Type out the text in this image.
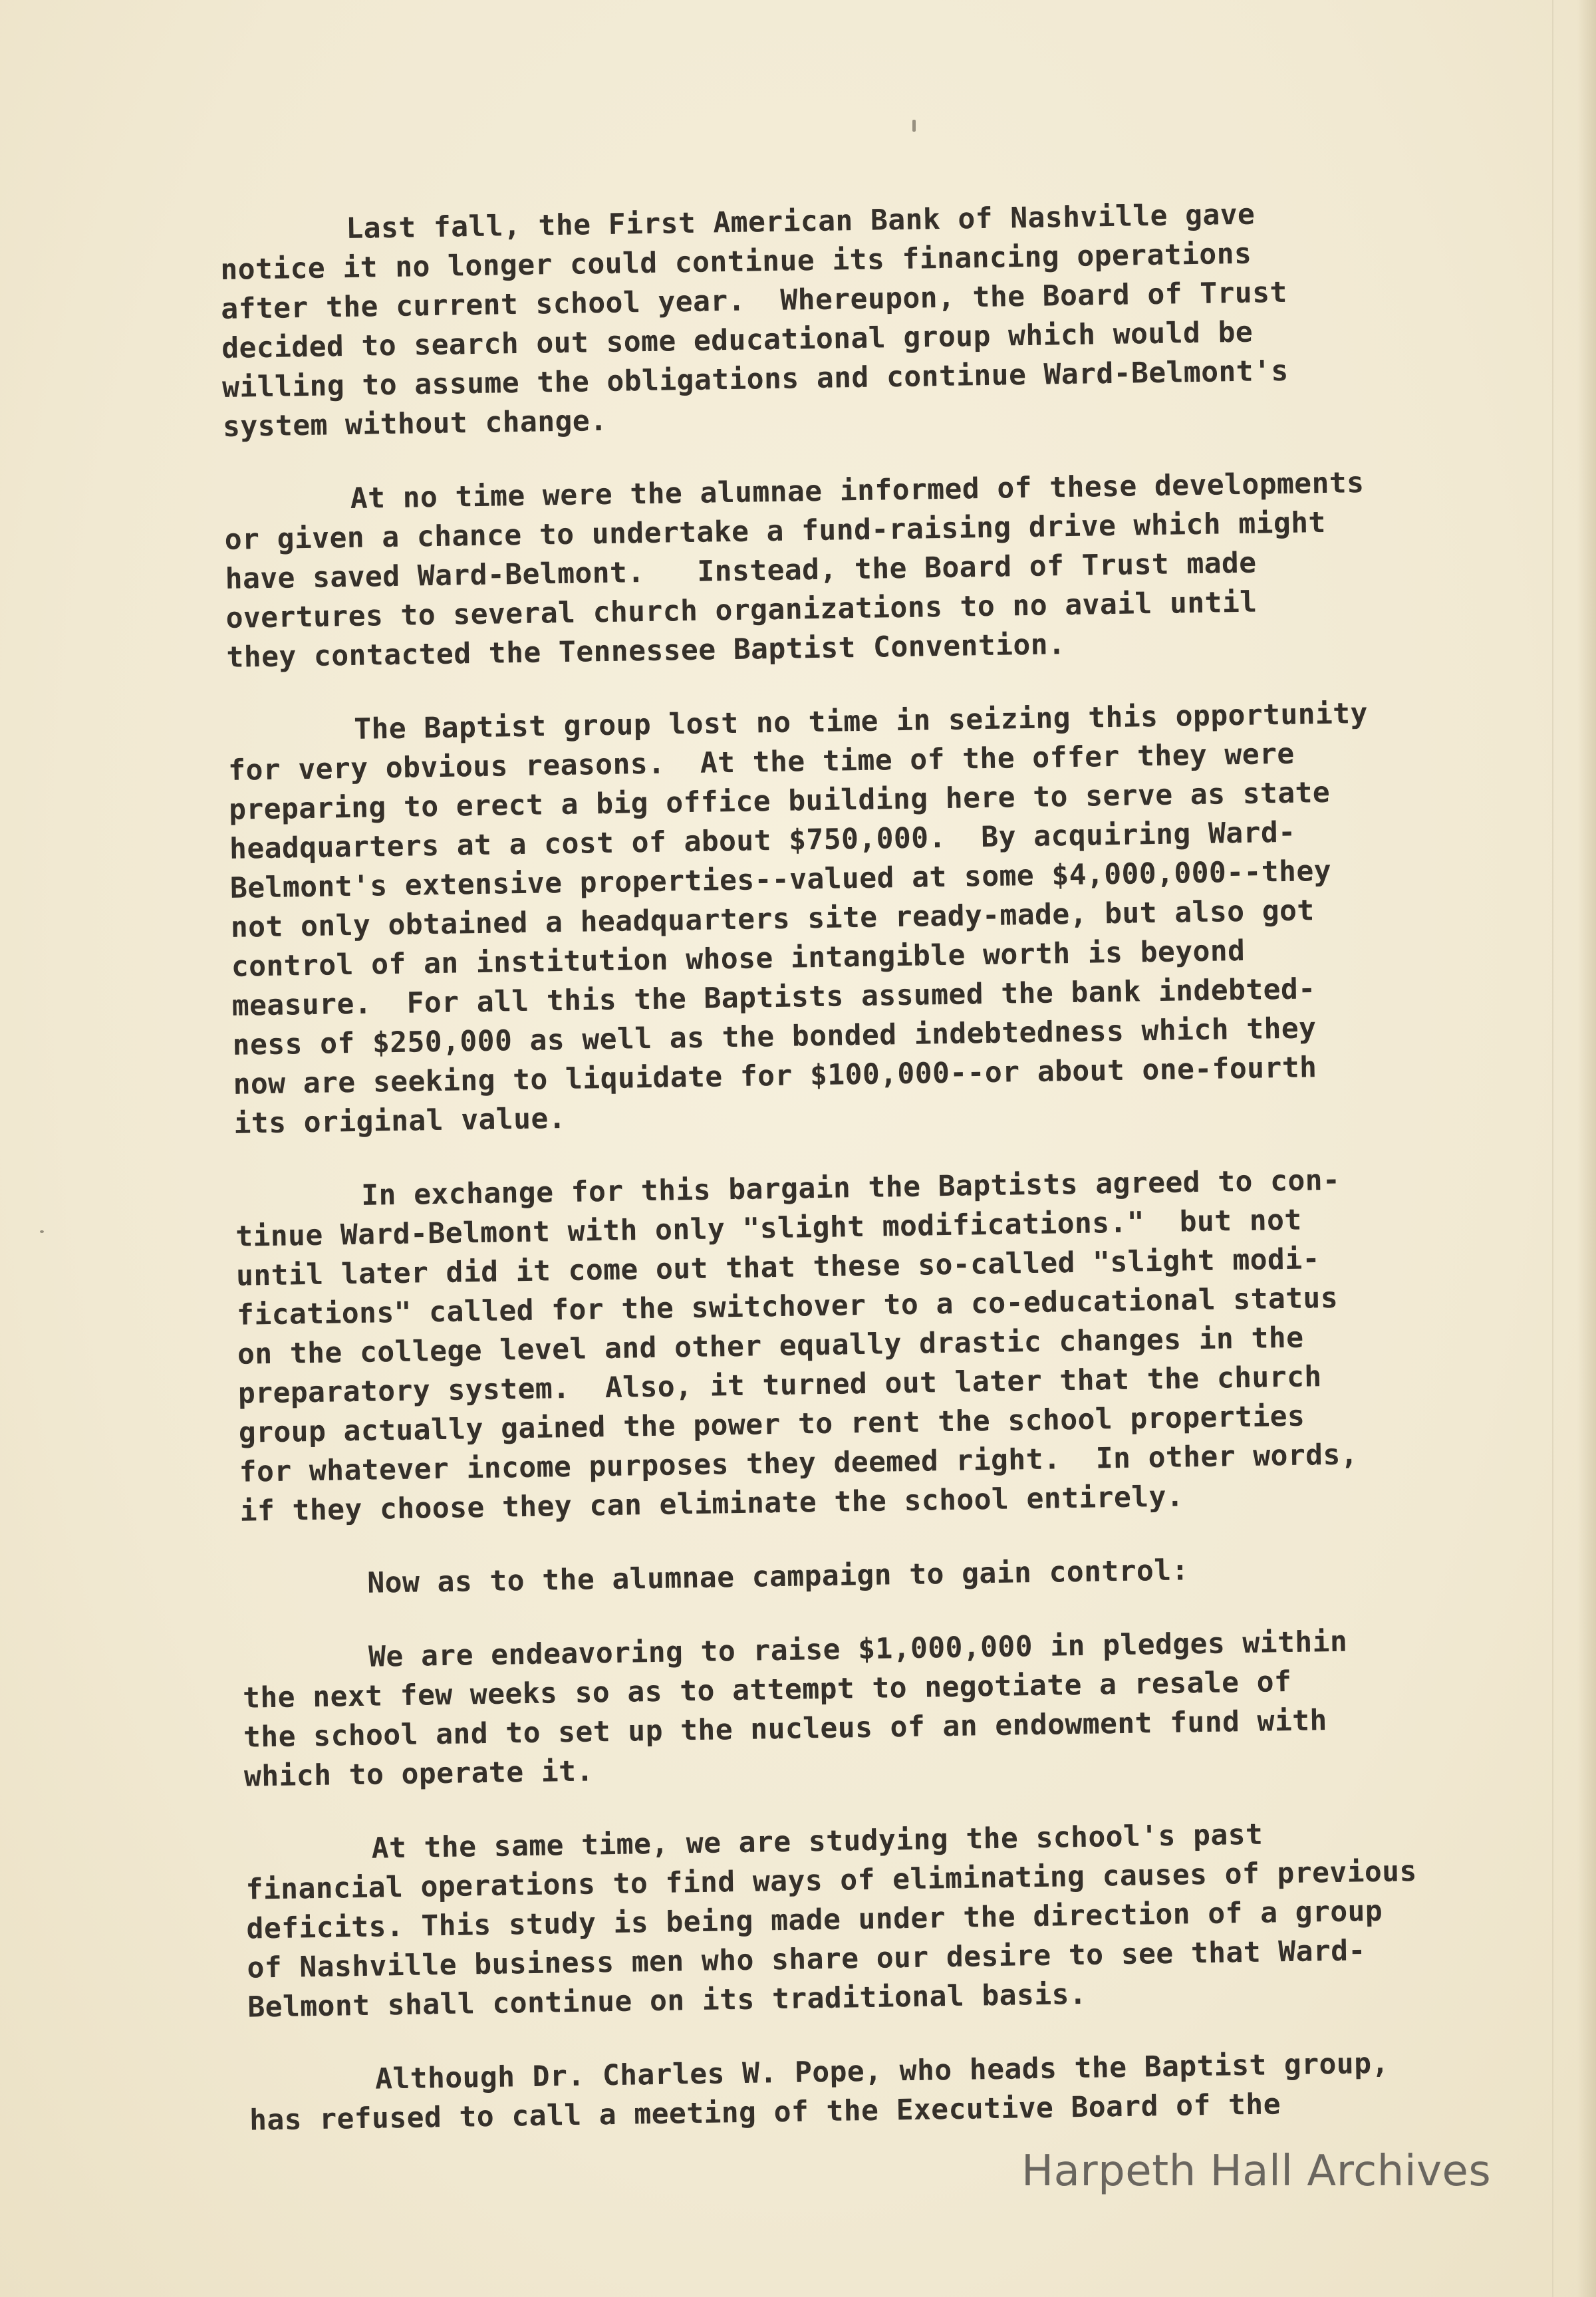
Last fall, the First American Bank of Nashville gave
notice it no longer could continue its financing operations
after the current school year.  Whereupon, the Board of Trust
decided to search out some educational group which would be
willing to assume the obligations and continue Ward-Belmont's
system without change.
At no time were the alumnae informed of these developments
or given a chance to undertake a fund-raising drive which might
have saved Ward-Belmont.   Instead, the Board of Trust made
overtures to several church organizations to no avail until
they contacted the Tennessee Baptist Convention.
The Baptist group lost no time in seizing this opportunity
for very obvious reasons.  At the time of the offer they were
preparing to erect a big office building here to serve as state
headquarters at a cost of about $750,000.  By acquiring Ward-
Belmont's extensive properties--valued at some $4,000,000--they
not only obtained a headquarters site ready-made, but also got
control of an institution whose intangible worth is beyond
measure.  For all this the Baptists assumed the bank indebted-
ness of $250,000 as well as the bonded indebtedness which they
now are seeking to liquidate for $100,000--or about one-fourth
its original value.
In exchange for this bargain the Baptists agreed to con-
tinue Ward-Belmont with only "slight modifications."  but not
until later did it come out that these so-called "slight modi-
fications" called for the switchover to a co-educational status
on the college level and other equally drastic changes in the
preparatory system.  Also, it turned out later that the church
group actually gained the power to rent the school properties
for whatever income purposes they deemed right.  In other words,
if they choose they can eliminate the school entirely.
Now as to the alumnae campaign to gain control:
We are endeavoring to raise $1,000,000 in pledges within
the next few weeks so as to attempt to negotiate a resale of
the school and to set up the nucleus of an endowment fund with
which to operate it.
At the same time, we are studying the school's past
financial operations to find ways of eliminating causes of previous
deficits. This study is being made under the direction of a group
of Nashville business men who share our desire to see that Ward-
Belmont shall continue on its traditional basis.
Although Dr. Charles W. Pope, who heads the Baptist group,
has refused to call a meeting of the Executive Board of the
Harpeth Hall Archives
